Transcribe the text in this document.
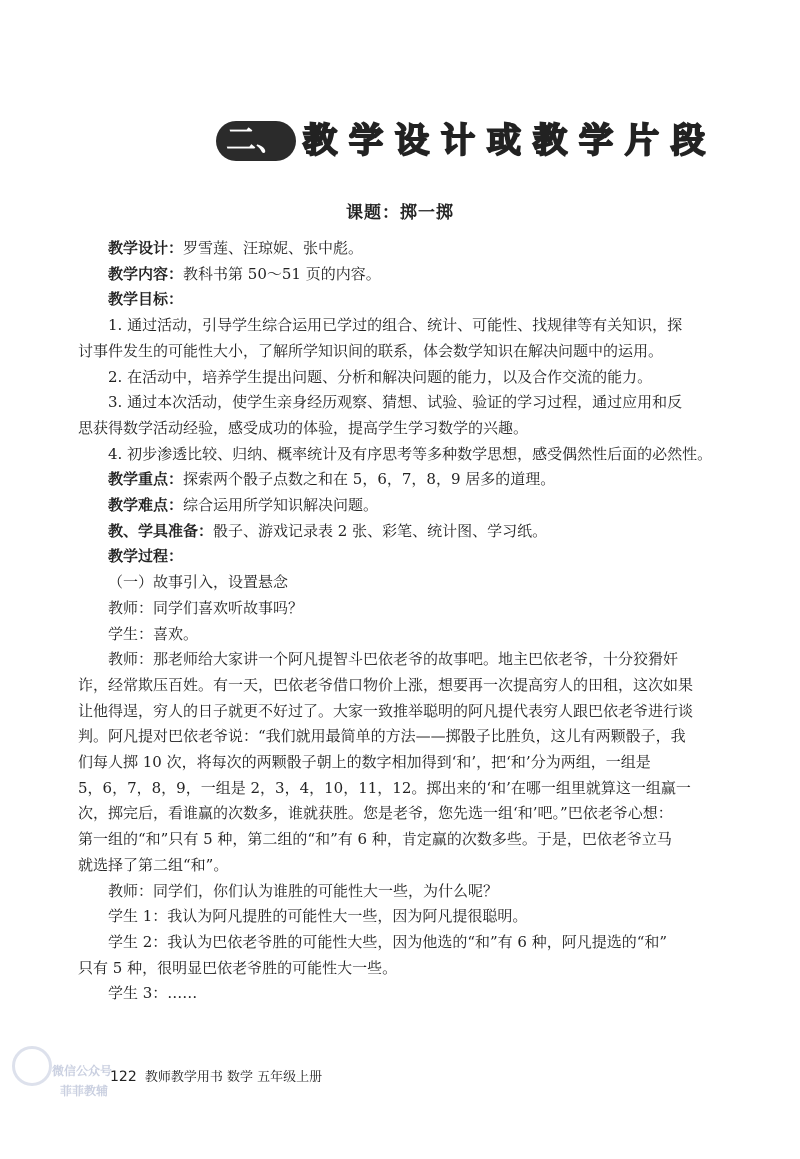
二、 教 学 设 计 或 教 学 片 段
课题：掷一掷

教学设计：罗雪莲、汪琼妮、张中彪。

教学内容：教科书第 50～51 页的内容。

教学目标：

1. 通过活动，引导学生综合运用已学过的组合、统计、可能性、找规律等有关知识，探

讨事件发生的可能性大小，了解所学知识间的联系，体会数学知识在解决问题中的运用。

2. 在活动中，培养学生提出问题、分析和解决问题的能力，以及合作交流的能力。

3. 通过本次活动，使学生亲身经历观察、猜想、试验、验证的学习过程，通过应用和反

思获得数学活动经验，感受成功的体验，提高学生学习数学的兴趣。

4. 初步渗透比较、归纳、概率统计及有序思考等多种数学思想，感受偶然性后面的必然性。

教学重点：探索两个骰子点数之和在 5，6，7，8，9 居多的道理。

教学难点：综合运用所学知识解决问题。

教、学具准备：骰子、游戏记录表 2 张、彩笔、统计图、学习纸。

教学过程：

（一）故事引入，设置悬念

教师：同学们喜欢听故事吗？

学生：喜欢。

教师：那老师给大家讲一个阿凡提智斗巴依老爷的故事吧。地主巴依老爷，十分狡猾奸

诈，经常欺压百姓。有一天，巴依老爷借口物价上涨，想要再一次提高穷人的田租，这次如果

让他得逞，穷人的日子就更不好过了。大家一致推举聪明的阿凡提代表穷人跟巴依老爷进行谈

判。阿凡提对巴依老爷说：“我们就用最简单的方法——掷骰子比胜负，这儿有两颗骰子，我

们每人掷 10 次，将每次的两颗骰子朝上的数字相加得到‘和’，把‘和’分为两组，一组是

5，6，7，8，9，一组是 2，3，4，10，11，12。掷出来的‘和’在哪一组里就算这一组赢一

次，掷完后，看谁赢的次数多，谁就获胜。您是老爷，您先选一组‘和’吧。”巴依老爷心想：

第一组的“和”只有 5 种，第二组的“和”有 6 种，肯定赢的次数多些。于是，巴依老爷立马

就选择了第二组“和”。

教师：同学们，你们认为谁胜的可能性大一些，为什么呢？

学生 1：我认为阿凡提胜的可能性大一些，因为阿凡提很聪明。

学生 2：我认为巴依老爷胜的可能性大些，因为他选的“和”有 6 种，阿凡提选的“和”

只有 5 种，很明显巴依老爷胜的可能性大一些。

学生 3：……

微信公众号
菲菲教辅
122 教师教学用书 数学 五年级上册
